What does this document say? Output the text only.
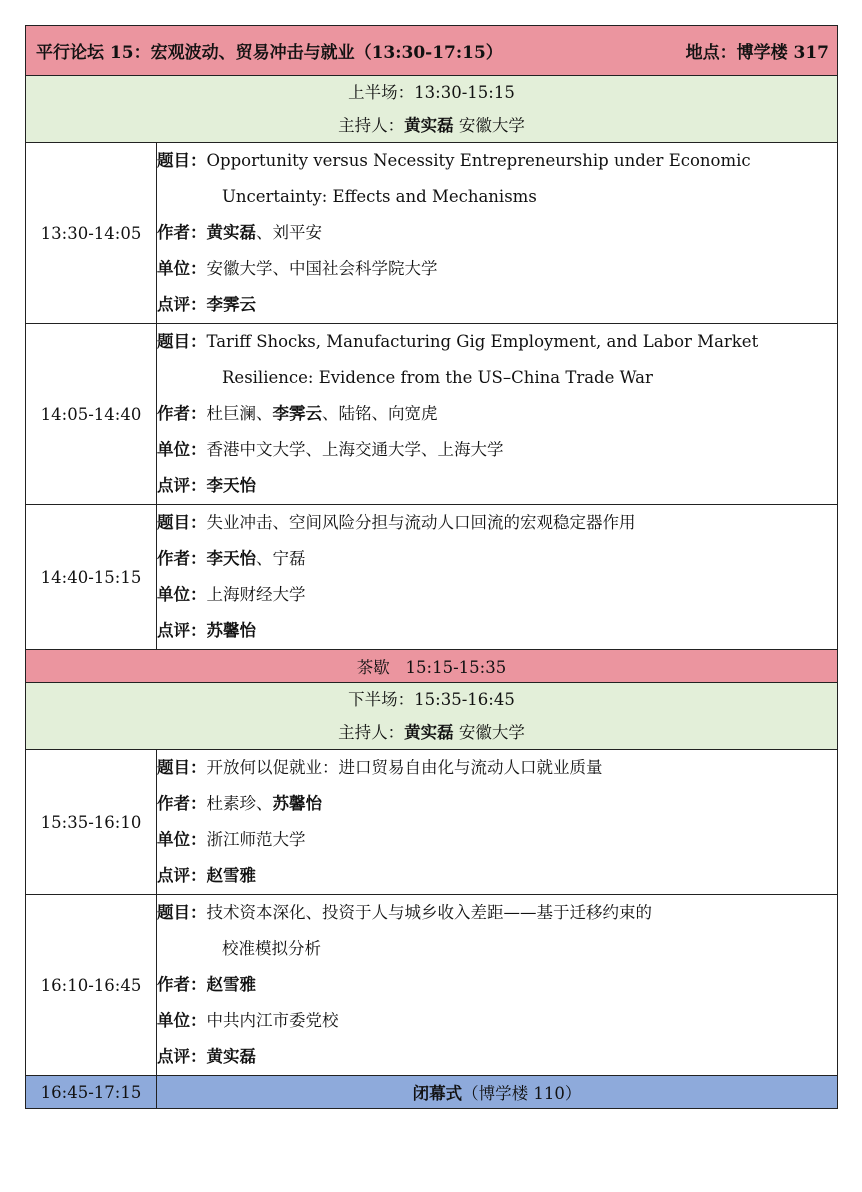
平行论坛 15：宏观波动、贸易冲击与就业（13:30-17:15） 地点：博学楼 317	

上半场：13:30-15:15
主持人：黄实磊 安徽大学	

13:30-14:05	题目：Opportunity versus Necessity Entrepreneurship under Economic
Uncertainty: Effects and Mechanisms
作者：黄实磊、刘平安
单位：安徽大学、中国社会科学院大学
点评：李霁云

14:05-14:40	题目：Tariff Shocks, Manufacturing Gig Employment, and Labor Market
Resilience: Evidence from the US–China Trade War
作者：杜巨澜、李霁云、陆铭、向宽虎
单位：香港中文大学、上海交通大学、上海大学
点评：李天怡

14:40-15:15	题目：失业冲击、空间风险分担与流动人口回流的宏观稳定器作用
作者：李天怡、宁磊
单位：上海财经大学
点评：苏馨怡

茶歇 15:15-15:35	

下半场：15:35-16:45
主持人：黄实磊 安徽大学	

15:35-16:10	题目：开放何以促就业：进口贸易自由化与流动人口就业质量
作者：杜素珍、苏馨怡
单位：浙江师范大学
点评：赵雪雅

16:10-16:45	题目：技术资本深化、投资于人与城乡收入差距——基于迁移约束的
校准模拟分析
作者：赵雪雅
单位：中共内江市委党校
点评：黄实磊

16:45-17:15	闭幕式（博学楼 110）
